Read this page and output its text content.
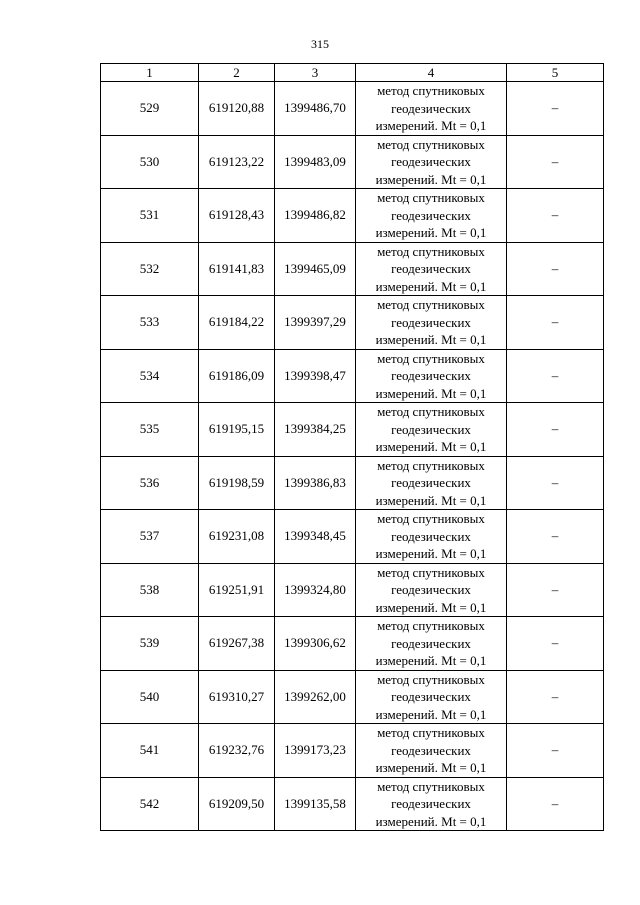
315
1	2	3	4	5
529	619120,88	1399486,70	метод спутниковых
геодезических
измерений. Mt = 0,1	–
530	619123,22	1399483,09	метод спутниковых
геодезических
измерений. Mt = 0,1	–
531	619128,43	1399486,82	метод спутниковых
геодезических
измерений. Mt = 0,1	–
532	619141,83	1399465,09	метод спутниковых
геодезических
измерений. Mt = 0,1	–
533	619184,22	1399397,29	метод спутниковых
геодезических
измерений. Mt = 0,1	–
534	619186,09	1399398,47	метод спутниковых
геодезических
измерений. Mt = 0,1	–
535	619195,15	1399384,25	метод спутниковых
геодезических
измерений. Mt = 0,1	–
536	619198,59	1399386,83	метод спутниковых
геодезических
измерений. Mt = 0,1	–
537	619231,08	1399348,45	метод спутниковых
геодезических
измерений. Mt = 0,1	–
538	619251,91	1399324,80	метод спутниковых
геодезических
измерений. Mt = 0,1	–
539	619267,38	1399306,62	метод спутниковых
геодезических
измерений. Mt = 0,1	–
540	619310,27	1399262,00	метод спутниковых
геодезических
измерений. Mt = 0,1	–
541	619232,76	1399173,23	метод спутниковых
геодезических
измерений. Mt = 0,1	–
542	619209,50	1399135,58	метод спутниковых
геодезических
измерений. Mt = 0,1	–
